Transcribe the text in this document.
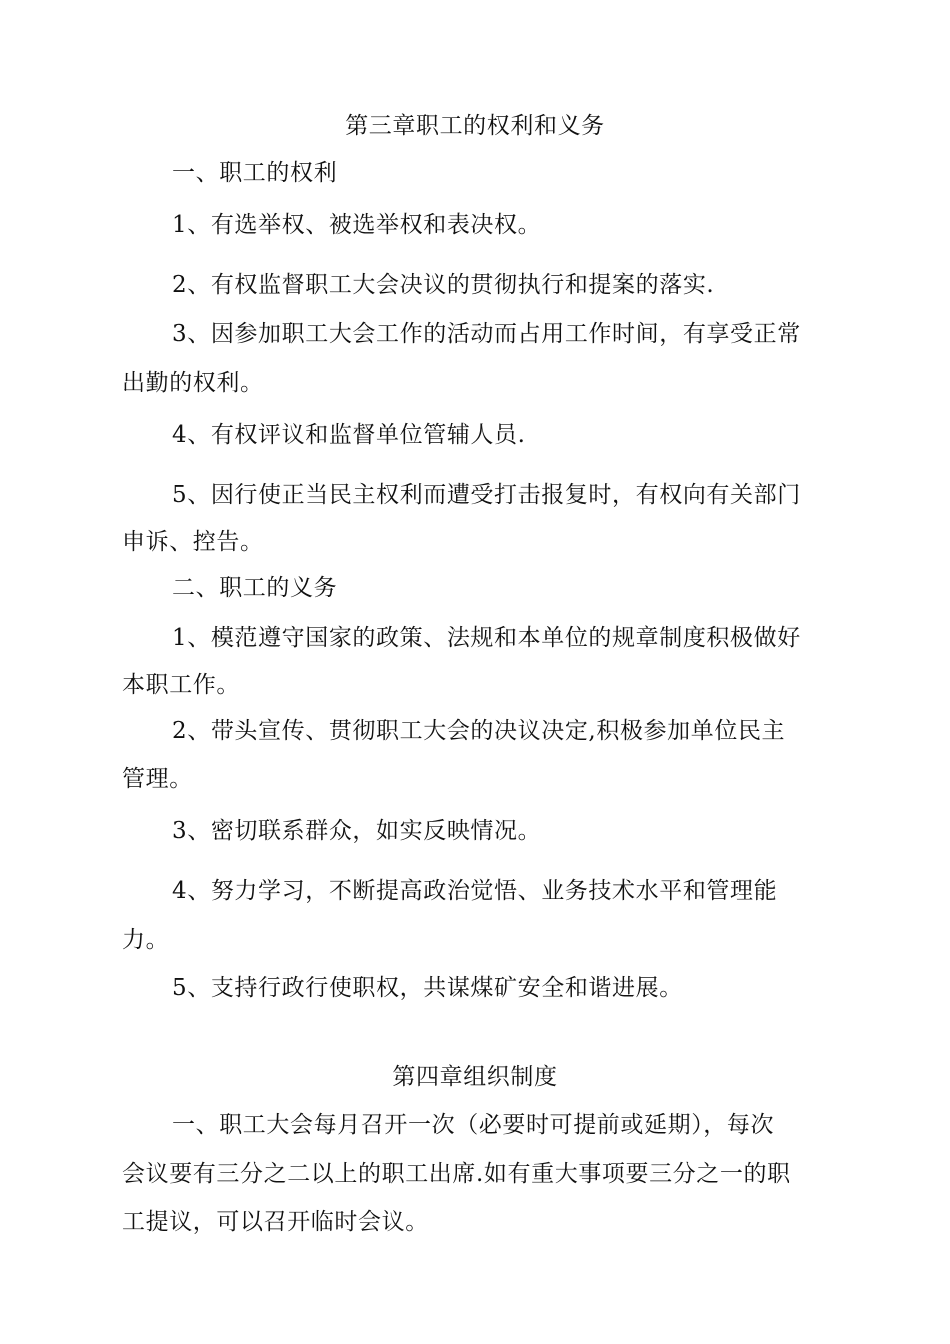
第三章职工的权利和义务
一、职工的权利
1、有选举权、被选举权和表决权。
2、有权监督职工大会决议的贯彻执行和提案的落实.
3、因参加职工大会工作的活动而占用工作时间，有享受正常
出勤的权利。
4、有权评议和监督单位管辅人员.
5、因行使正当民主权利而遭受打击报复时，有权向有关部门
申诉、控告。
二、职工的义务
1、模范遵守国家的政策、法规和本单位的规章制度积极做好
本职工作。
2、带头宣传、贯彻职工大会的决议决定,积极参加单位民主
管理。
3、密切联系群众，如实反映情况。
4、努力学习，不断提高政治觉悟、业务技术水平和管理能
力。
5、支持行政行使职权，共谋煤矿安全和谐进展。
第四章组织制度
一、职工大会每月召开一次（必要时可提前或延期），每次
会议要有三分之二以上的职工出席.如有重大事项要三分之一的职
工提议，可以召开临时会议。
